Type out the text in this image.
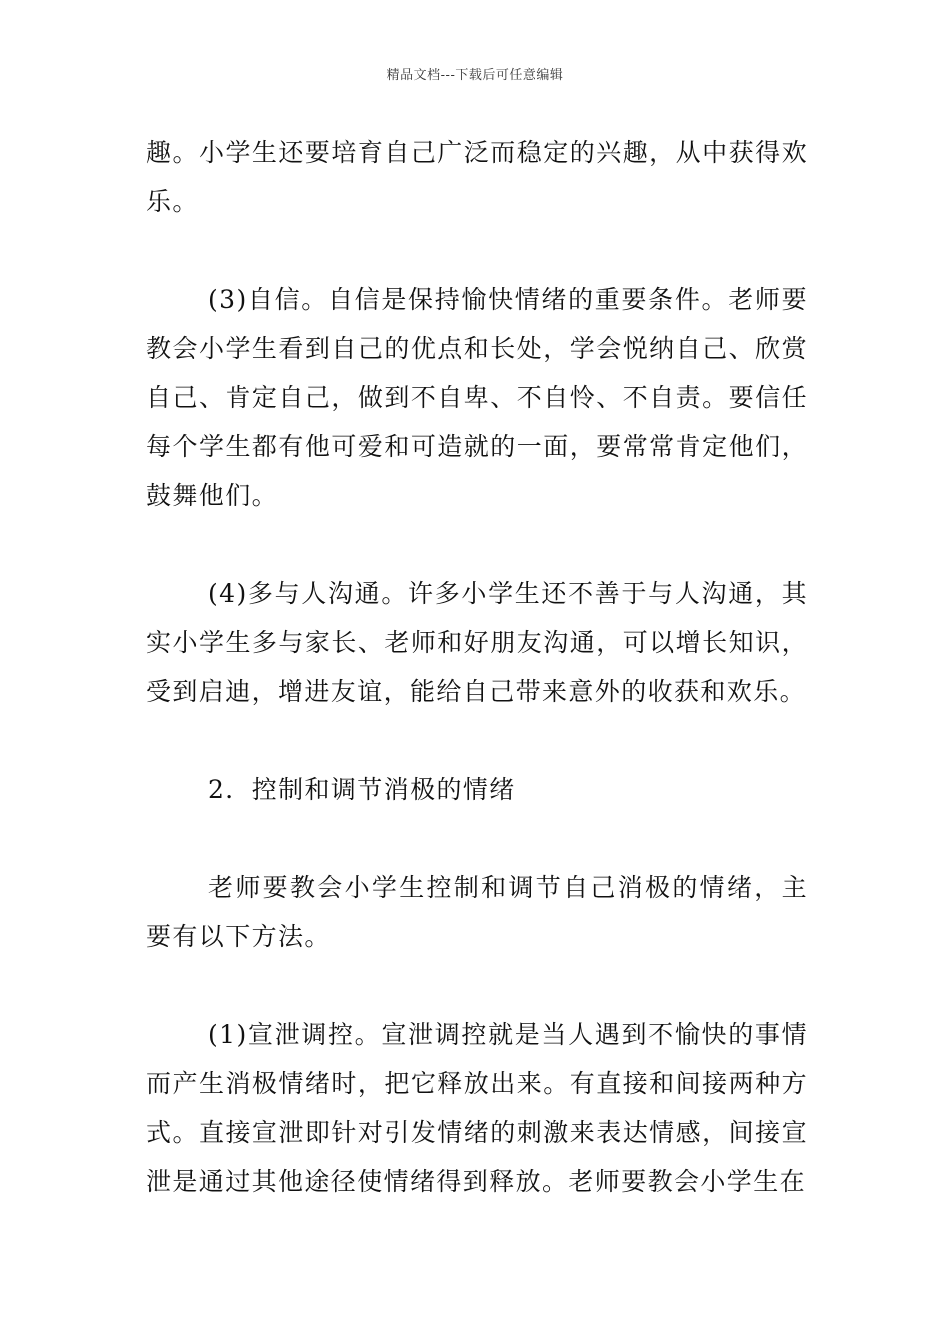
精品文档---下载后可任意编辑

趣。小学生还要培育自己广泛而稳定的兴趣，从中获得欢乐。

(3)自信。自信是保持愉快情绪的重要条件。老师要教会小学生看到自己的优点和长处，学会悦纳自己、欣赏自己、肯定自己，做到不自卑、不自怜、不自责。要信任每个学生都有他可爱和可造就的一面，要常常肯定他们，鼓舞他们。

(4)多与人沟通。许多小学生还不善于与人沟通，其实小学生多与家长、老师和好朋友沟通，可以增长知识，受到启迪，增进友谊，能给自己带来意外的收获和欢乐。

2．控制和调节消极的情绪

老师要教会小学生控制和调节自己消极的情绪，主要有以下方法。

(1)宣泄调控。宣泄调控就是当人遇到不愉快的事情而产生消极情绪时，把它释放出来。有直接和间接两种方式。直接宣泄即针对引发情绪的刺激来表达情感，间接宣泄是通过其他途径使情绪得到释放。老师要教会小学生在
